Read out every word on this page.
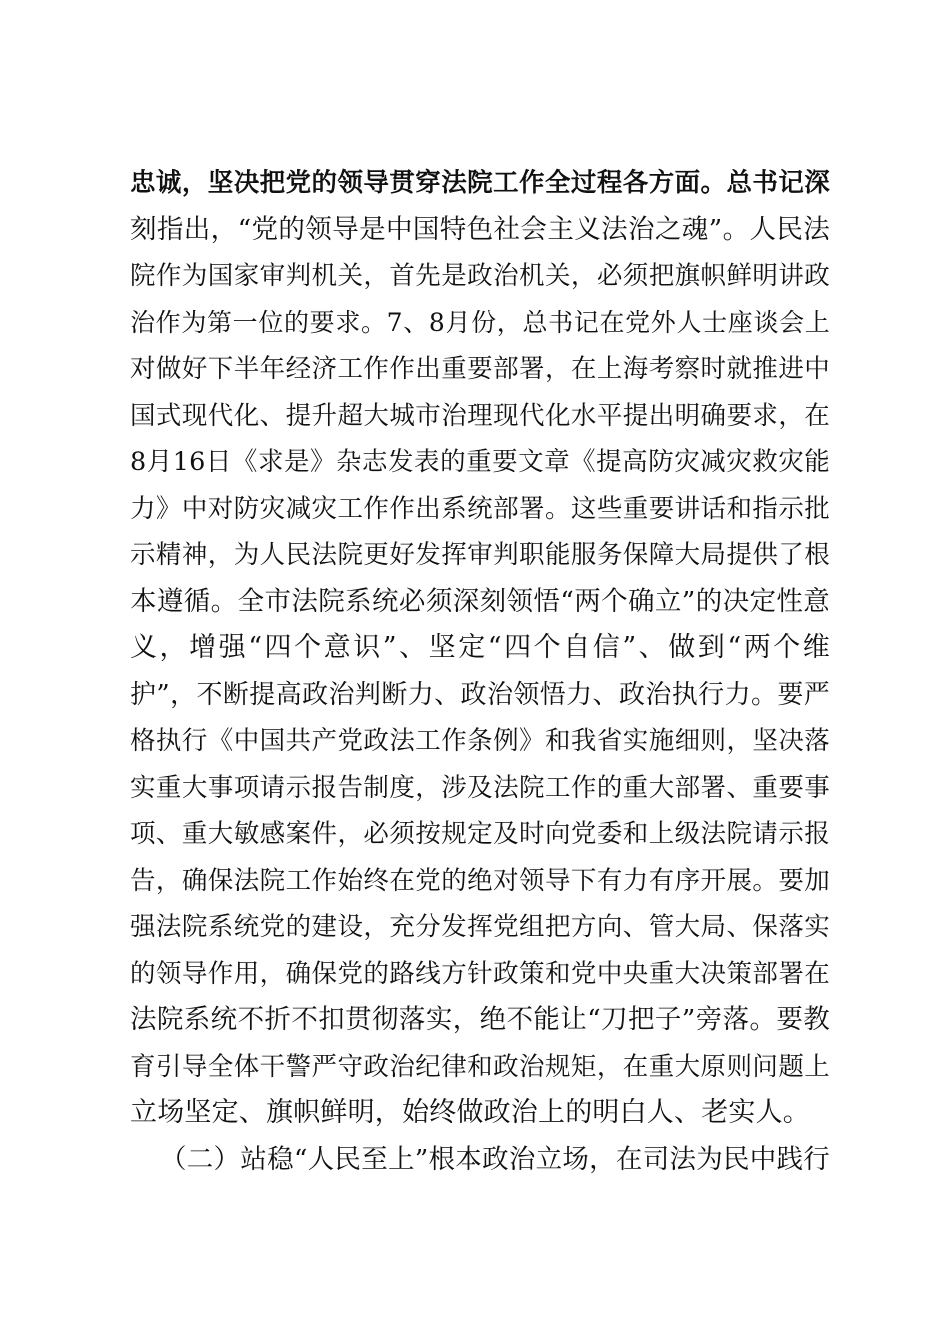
忠诚，坚决把党的领导贯穿法院工作全过程各方面。总书记深
刻指出，“党的领导是中国特色社会主义法治之魂”。人民法
院作为国家审判机关，首先是政治机关，必须把旗帜鲜明讲政
治作为第一位的要求。7、8月份，总书记在党外人士座谈会上
对做好下半年经济工作作出重要部署，在上海考察时就推进中
国式现代化、提升超大城市治理现代化水平提出明确要求，在
8月16日《求是》杂志发表的重要文章《提高防灾减灾救灾能
力》中对防灾减灾工作作出系统部署。这些重要讲话和指示批
示精神，为人民法院更好发挥审判职能服务保障大局提供了根
本遵循。全市法院系统必须深刻领悟“两个确立”的决定性意
义，增强“四个意识”、坚定“四个自信”、做到“两个维
护”，不断提高政治判断力、政治领悟力、政治执行力。要严
格执行《中国共产党政法工作条例》和我省实施细则，坚决落
实重大事项请示报告制度，涉及法院工作的重大部署、重要事
项、重大敏感案件，必须按规定及时向党委和上级法院请示报
告，确保法院工作始终在党的绝对领导下有力有序开展。要加
强法院系统党的建设，充分发挥党组把方向、管大局、保落实
的领导作用，确保党的路线方针政策和党中央重大决策部署在
法院系统不折不扣贯彻落实，绝不能让“刀把子”旁落。要教
育引导全体干警严守政治纪律和政治规矩，在重大原则问题上
立场坚定、旗帜鲜明，始终做政治上的明白人、老实人。
（二）站稳“人民至上”根本政治立场，在司法为民中践行
